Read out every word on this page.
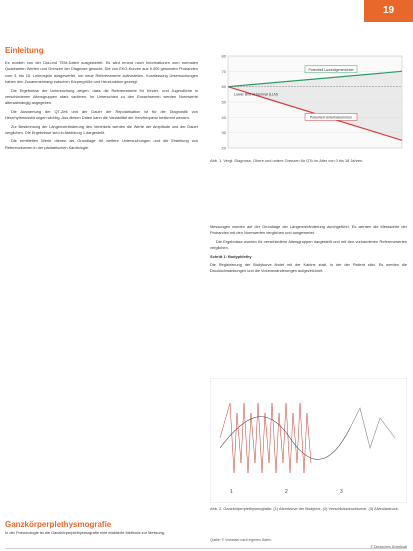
19
Einleitung

Es wurden von der Dia-und TEM-Daten ausgewertet. Es wird erneut nach Informationen zum normalen Quadranten Werten und Grenzen der Diagnose gesucht. Die von EKG-Kurven aus 5.000 gesunden Probanden vom 3. bis 15. Lebensjahr ausgewertet, um neue Referenzwerte aufzustellen. Kurzfassung Untersuchungen haben den Zusammenhang zwischen Körpergröße und Herzfunktion gezeigt.

Die Ergebnisse der Untersuchung zeigen, dass die Referenzwerte für Kinder- und Jugendliche in verschiedenen Altersgruppen stark variieren. Im Unterschied zu den Erwachsenen werden Normwerte altersabhängig angegeben.

Die Auswertung der QT-Zeit und der Dauer der Repolarisation ist für die Diagnostik von Herzrhythmusstörungen wichtig. Aus diesen Daten kann die Variabilität der Herzfrequenz bestimmt werden.

Zur Bestimmung der Längenveränderung des Ventrikels werden die Werte der Amplitude und der Dauer verglichen. Die Ergebnisse sind in Abbildung 1 dargestellt.

Die ermittelten Werte dienen als Grundlage für weitere Untersuchungen und die Erstellung von Referenzkurven in der pädiatrischen Kardiologie.

Ganzkörperplethysmografie

In der Pneumologie ist die Ganzkörperplethysmografie eine etablierte Methode zur Messung.

20
30
40
50
60
70
80
Potentiell Luwedigenerichtet
Lower limit of Normal (LLN)
Potentiell Unterbekommen
Abb. 1. Vergl. Diagnose. Obere und untere Grenzen für QTc im Alter von 0 bis 18 Jahren.

Messungen wurden auf der Grundlage der Längenveränderung durchgeführt. Es werden die Messwerte der Probanden mit den Normwerten verglichen und ausgewertet.

Die Ergebnisse wurden für verschiedene Altersgruppen dargestellt und mit den vorhandenen Referenzwerten verglichen.

Schritt 1: Bodyphlethy

Die Registrierung der Bodykurve findet mit der Kabine statt, in der der Patient sitzt. Es werden die Druckschwankungen und die Volumenänderungen aufgezeichnet.

1	2	3
Abb. 2. Ganzkörperplethysmografie: (1) Atemkurve der Bodybox, (2) Verschlussdruckkurve, (3) Alveolardruck.
Quelle: © Verfasser nach eigenen Daten.
© Deutsches Ärzteblatt
